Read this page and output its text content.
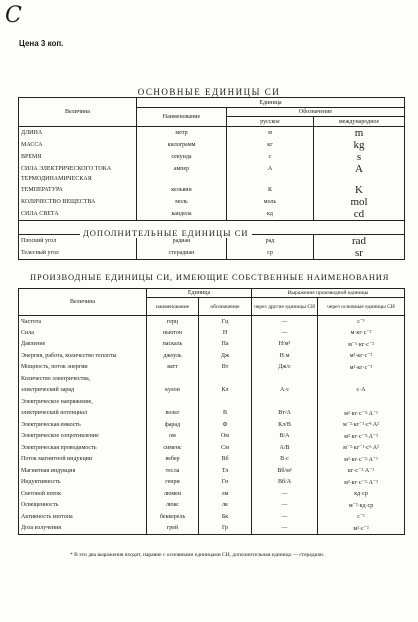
C
Цена 3 коп.
ОСНОВНЫЕ ЕДИНИЦЫ СИ
Величина	Единица		
	Наименование	Обозначение	
		русское	международное
ДЛИНА	метр	м	m
МАССА	килограмм	кг	kg
ВРЕМЯ	секунда	с	s
СИЛА ЭЛЕКТРИЧЕСКОГО ТОКА	ампер	А	A
ТЕРМОДИНАМИЧЕСКАЯ			
ТЕМПЕРАТУРА	кельвин	К	K
КОЛИЧЕСТВО ВЕЩЕСТВА	моль	моль	mol
СИЛА СВЕТА	кандела	кд	cd

Плоский угол	радиан	рад	rad
Телесный угол	стерадиан	ср	sr
ДОПОЛНИТЕЛЬНЫЕ ЕДИНИЦЫ СИ
ПРОИЗВОДНЫЕ ЕДИНИЦЫ СИ, ИМЕЮЩИЕ СОБСТВЕННЫЕ НАИМЕНОВАНИЯ
Величина	Единица		Выражение производной единицы	
	наименование	обозначение	через другие единицы СИ	через основные единицы СИ
Частота	герц	Гц	—	с⁻¹
Сила	ньютон	Н	—	м·кг·с⁻²
Давление	паскаль	Па	Н/м²	м⁻¹·кг·с⁻²
Энергия, работа, количество теплоты	джоуль	Дж	Н·м	м²·кг·с⁻²
Мощность, поток энергии	ватт	Вт	Дж/с	м²·кг·с⁻³
Количество электричества,				
электрический заряд	кулон	Кл	А·с	с·А
Электрическое напряжение,				
электрический потенциал	вольт	В	Вт/А	м²·кг·с⁻³·А⁻¹
Электрическая емкость	фарад	Ф	Кл/В	м⁻²·кг⁻¹·с⁴·А²
Электрическое сопротивление	ом	Ом	В/А	м²·кг·с⁻³·А⁻²
Электрическая проводимость	сименс	См	А/В	м⁻²·кг⁻¹·с³·А²
Поток магнитной индукции	вебер	Вб	В·с	м²·кг·с⁻²·А⁻¹
Магнитная индукция	тесла	Тл	Вб/м²	кг·с⁻²·А⁻¹
Индуктивность	генри	Гн	Вб/А	м²·кг·с⁻²·А⁻²
Световой поток	люмен	лм	—	кд·ср
Освещенность	люкс	лк	—	м⁻²·кд·ср
Активность изотопа	беккерель	Бк	—	с⁻¹
Доза излучения	грей	Гр	—	м²·с⁻²
* В эти два выражения входит, наравне с основными единицами СИ, дополнительная единица — стерадиан.
